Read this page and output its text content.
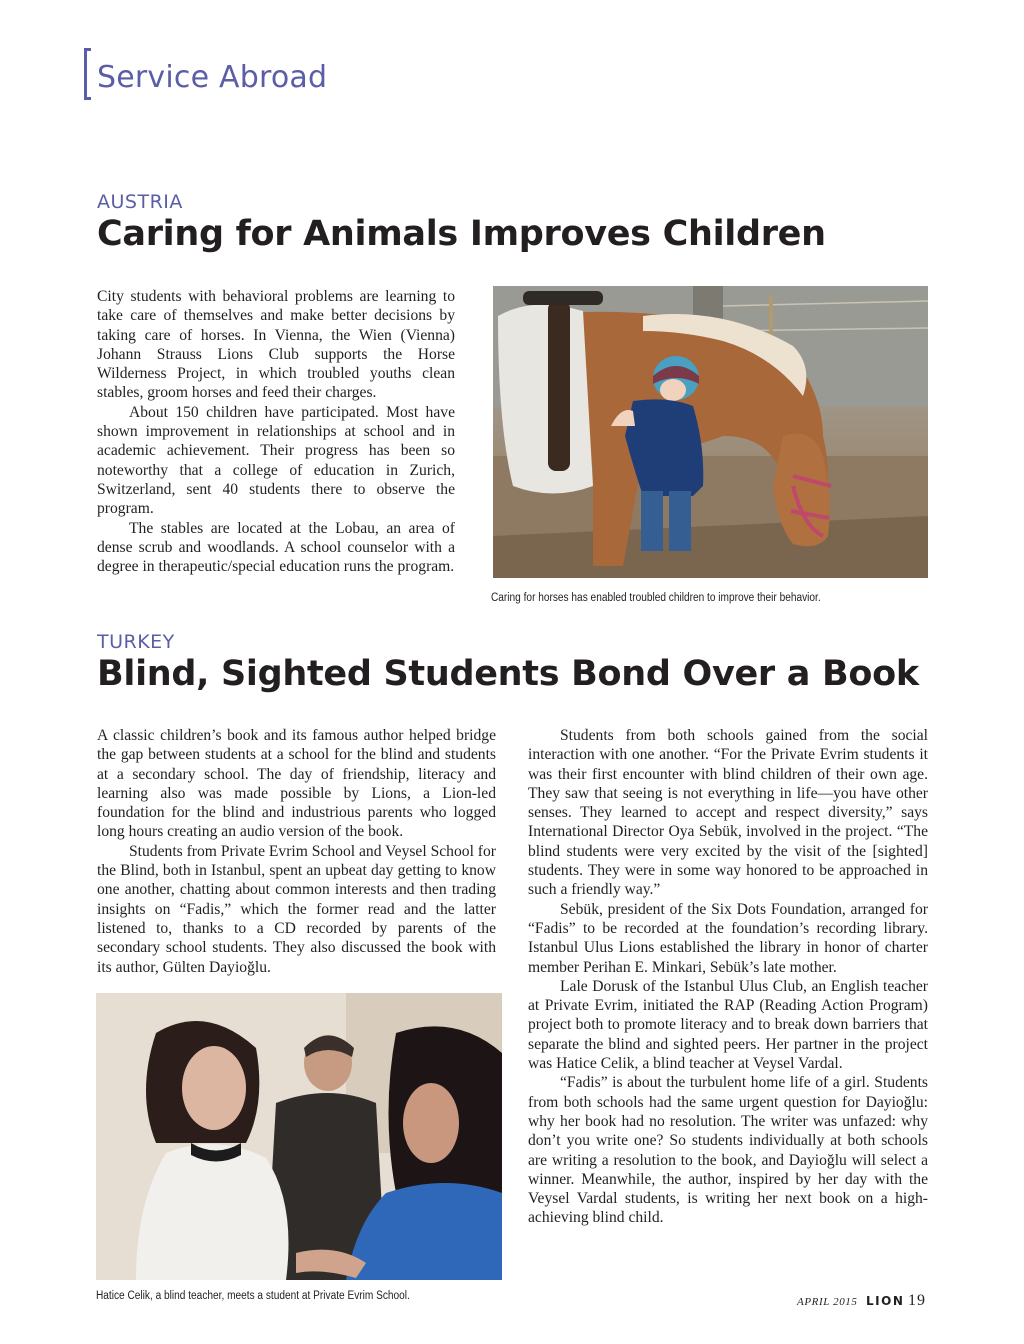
Service Abroad
AUSTRIA
Caring for Animals Improves Children

City students with behavioral problems are learning to take care of themselves and make better decisions by taking care of horses. In Vienna, the Wien (Vienna) Johann Strauss Lions Club supports the Horse Wilderness Project, in which troubled youths clean stables, groom horses and feed their charges.

About 150 children have participated. Most have shown improvement in relationships at school and in academic achievement. Their progress has been so noteworthy that a college of education in Zurich, Switzerland, sent 40 students there to observe the program.

The stables are located at the Lobau, an area of dense scrub and woodlands. A school counselor with a degree in therapeutic/special education runs the program.

Caring for horses has enabled troubled children to improve their behavior.
TURKEY
Blind, Sighted Students Bond Over a Book

A classic children’s book and its famous author helped bridge the gap between students at a school for the blind and students at a secondary school. The day of friendship, literacy and learning also was made possible by Lions, a Lion-led foundation for the blind and industrious parents who logged long hours creating an audio version of the book.

Students from Private Evrim School and Veysel School for the Blind, both in Istanbul, spent an upbeat day getting to know one another, chatting about common interests and then trading insights on “Fadis,” which the former read and the latter listened to, thanks to a CD recorded by parents of the secondary school students. They also discussed the book with its author, Gülten Dayioğlu.

Students from both schools gained from the social interaction with one another. “For the Private Evrim students it was their first encounter with blind children of their own age. They saw that seeing is not everything in life—you have other senses. They learned to accept and respect diversity,” says International Director Oya Sebük, involved in the project. “The blind students were very excited by the visit of the [sighted] students. They were in some way honored to be approached in such a friendly way.”

Sebük, president of the Six Dots Foundation, arranged for “Fadis” to be recorded at the foundation’s recording library. Istanbul Ulus Lions established the library in honor of charter member Perihan E. Minkari, Sebük’s late mother.

Lale Dorusk of the Istanbul Ulus Club, an English teacher at Private Evrim, initiated the RAP (Reading Action Program) project both to promote literacy and to break down barriers that separate the blind and sighted peers. Her partner in the project was Hatice Celik, a blind teacher at Veysel Vardal.

“Fadis” is about the turbulent home life of a girl. Students from both schools had the same urgent question for Dayioğlu: why her book had no resolution. The writer was unfazed: why don’t you write one? So students individually at both schools are writing a resolution to the book, and Dayioğlu will select a winner. Meanwhile, the author, inspired by her day with the Veysel Vardal students, is writing her next book on a high-achieving blind child.

Hatice Celik, a blind teacher, meets a student at Private Evrim School.	APRIL 2015 LION 19
